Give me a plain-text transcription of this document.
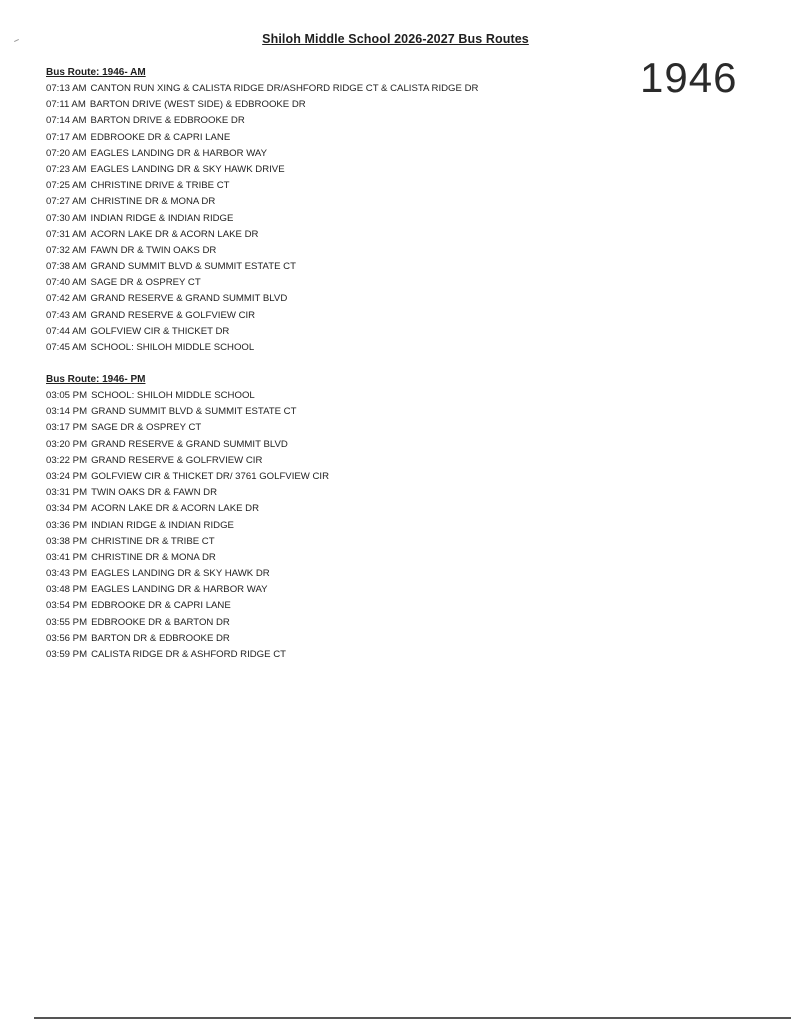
Shiloh Middle School 2026-2027 Bus Routes
1946
Bus Route: 1946- AM
07:13 AM CANTON RUN XING & CALISTA RIDGE DR/ASHFORD RIDGE CT & CALISTA RIDGE DR
07:11 AM BARTON DRIVE (WEST SIDE) & EDBROOKE DR
07:14 AM BARTON DRIVE & EDBROOKE DR
07:17 AM EDBROOKE DR & CAPRI LANE
07:20 AM EAGLES LANDING DR & HARBOR WAY
07:23 AM EAGLES LANDING DR & SKY HAWK DRIVE
07:25 AM CHRISTINE DRIVE & TRIBE CT
07:27 AM CHRISTINE DR & MONA DR
07:30 AM INDIAN RIDGE & INDIAN RIDGE
07:31 AM ACORN LAKE DR & ACORN LAKE DR
07:32 AM FAWN DR & TWIN OAKS DR
07:38 AM GRAND SUMMIT BLVD & SUMMIT ESTATE CT
07:40 AM SAGE DR & OSPREY CT
07:42 AM GRAND RESERVE & GRAND SUMMIT BLVD
07:43 AM GRAND RESERVE & GOLFVIEW CIR
07:44 AM GOLFVIEW CIR & THICKET DR
07:45 AM SCHOOL: SHILOH MIDDLE SCHOOL
Bus Route: 1946- PM
03:05 PM SCHOOL: SHILOH MIDDLE SCHOOL
03:14 PM GRAND SUMMIT BLVD & SUMMIT ESTATE CT
03:17 PM SAGE DR & OSPREY CT
03:20 PM GRAND RESERVE & GRAND SUMMIT BLVD
03:22 PM GRAND RESERVE & GOLFRVIEW CIR
03:24 PM GOLFVIEW CIR & THICKET DR/ 3761 GOLFVIEW CIR
03:31 PM TWIN OAKS DR & FAWN DR
03:34 PM ACORN LAKE DR & ACORN LAKE DR
03:36 PM INDIAN RIDGE & INDIAN RIDGE
03:38 PM CHRISTINE DR & TRIBE CT
03:41 PM CHRISTINE DR & MONA DR
03:43 PM EAGLES LANDING DR & SKY HAWK DR
03:48 PM EAGLES LANDING DR & HARBOR WAY
03:54 PM EDBROOKE DR & CAPRI LANE
03:55 PM EDBROOKE DR & BARTON DR
03:56 PM BARTON DR & EDBROOKE DR
03:59 PM CALISTA RIDGE DR & ASHFORD RIDGE CT
